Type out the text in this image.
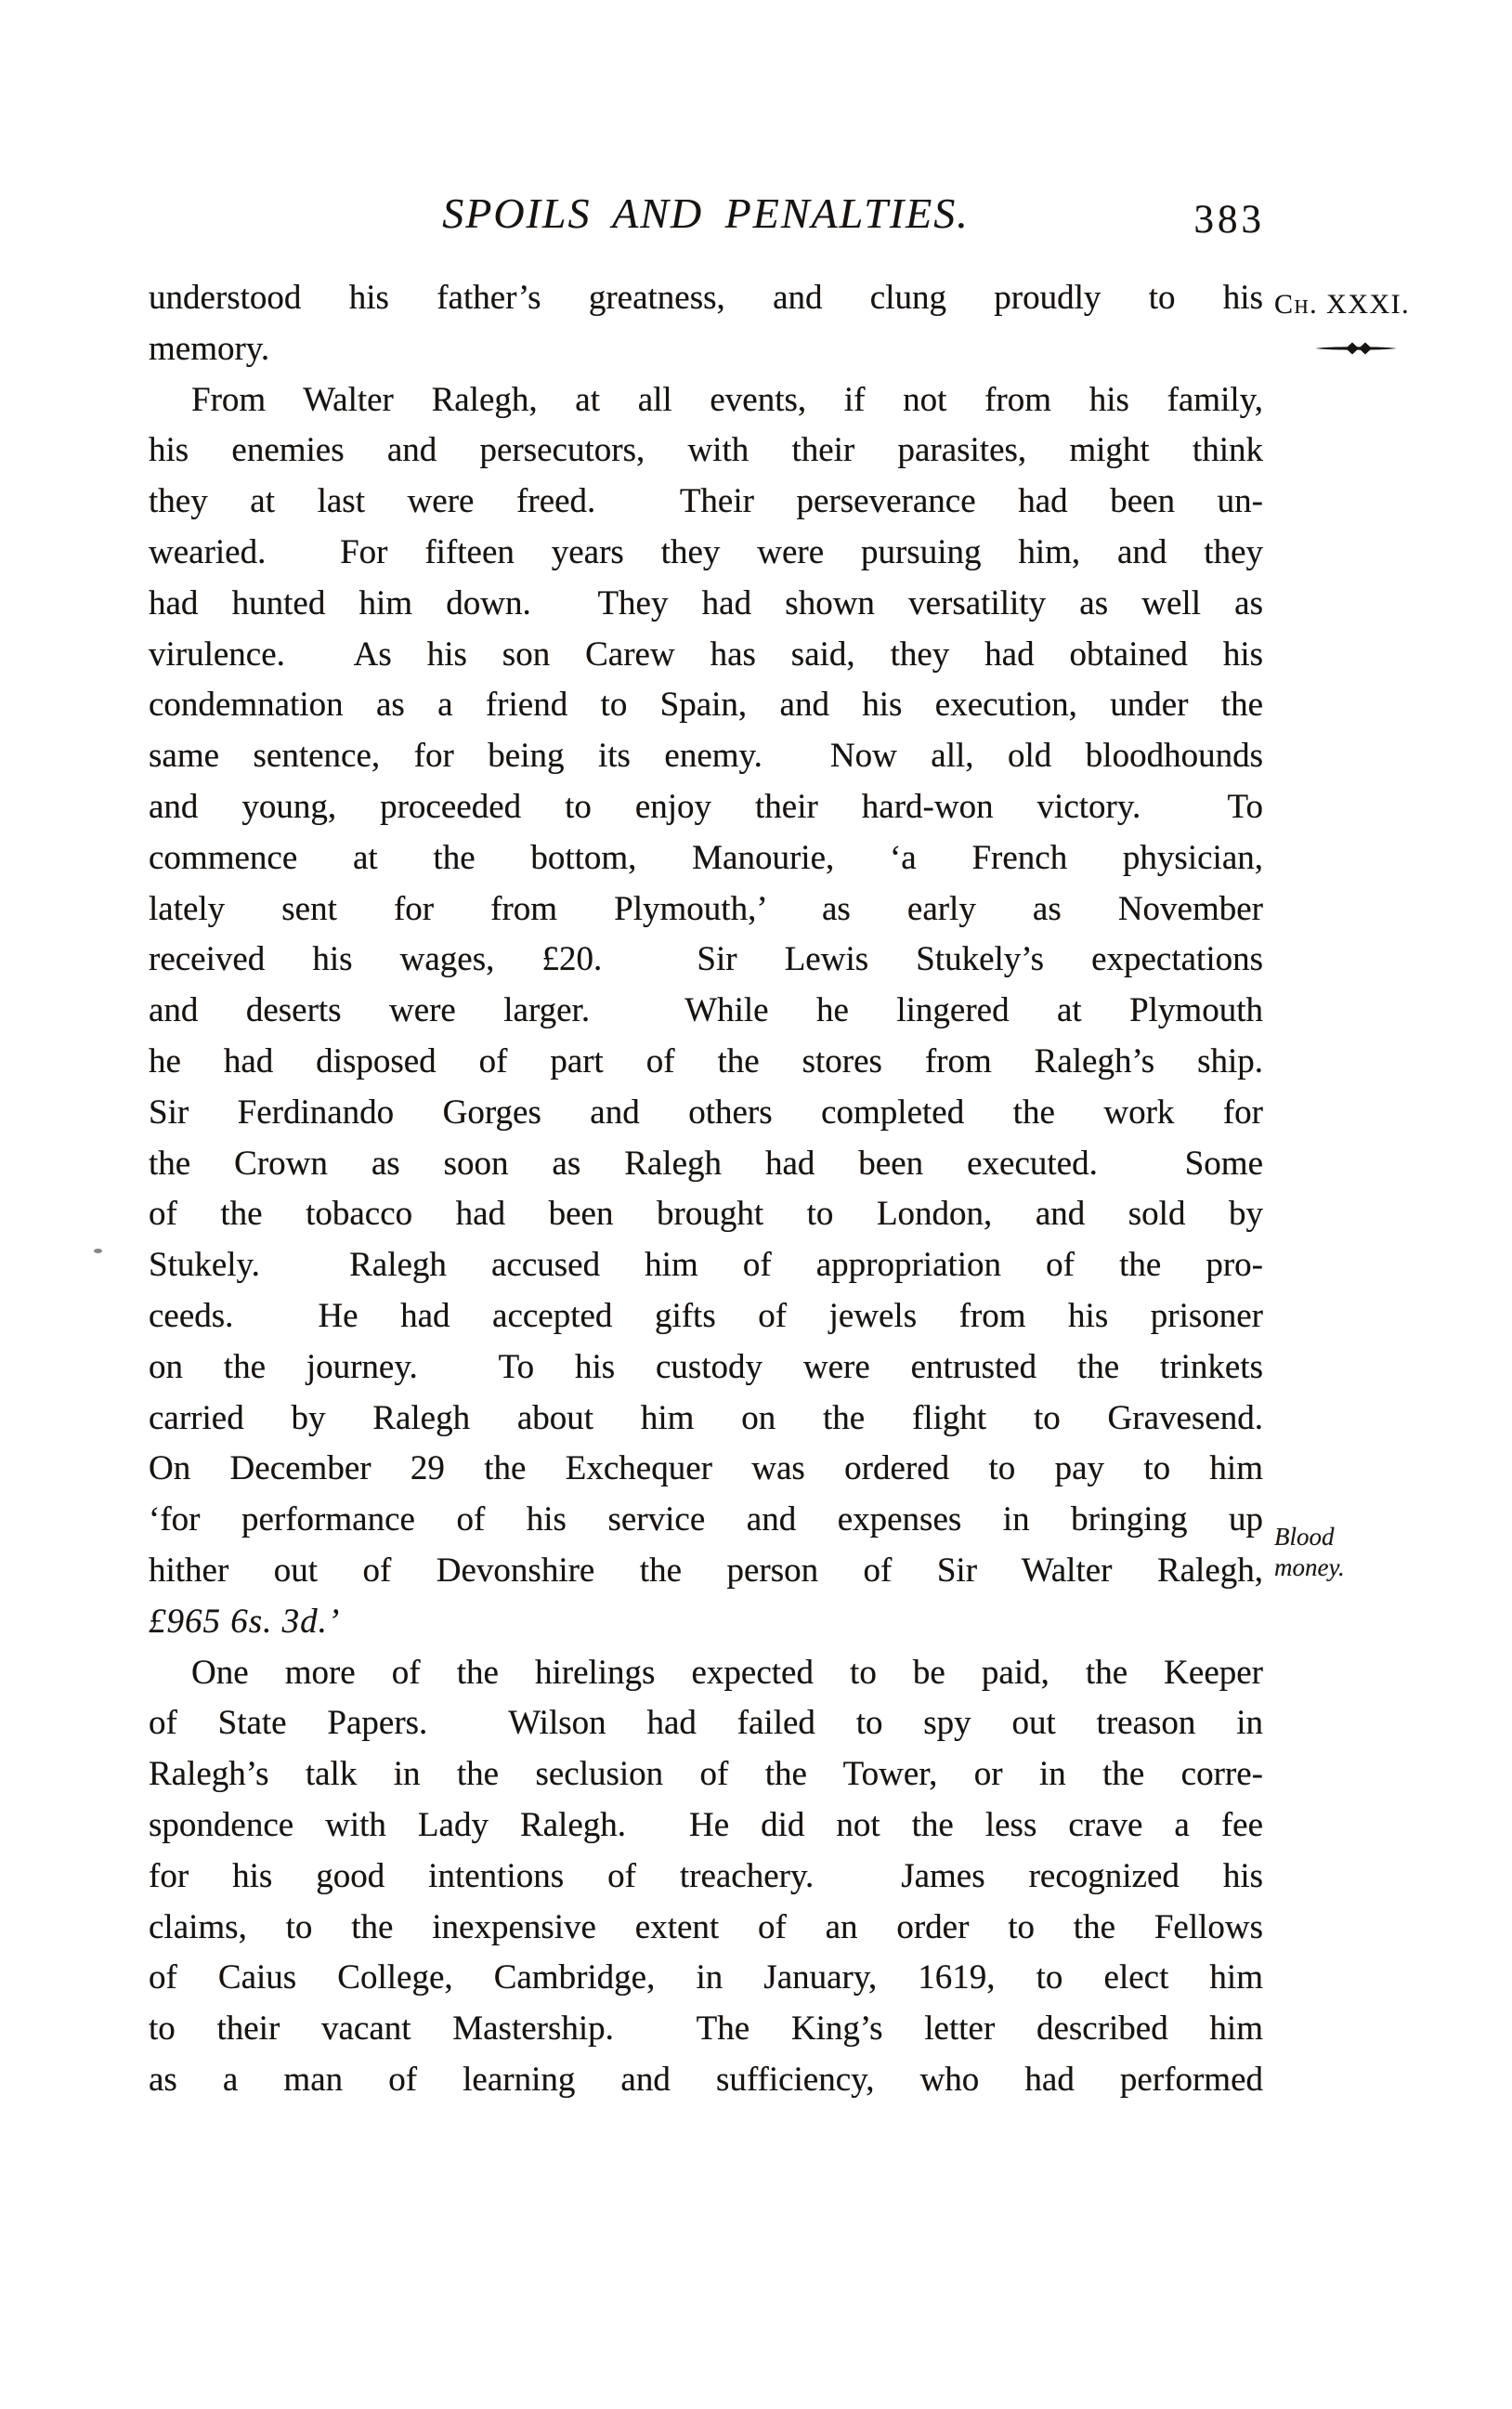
SPOILS AND PENALTIES.	383
understood his father’s greatness, and clung proudly to his
memory.
From Walter Ralegh, at all events, if not from his family,
his enemies and persecutors, with their parasites, might think
they at last were freed.  Their perseverance had been un-
wearied.  For fifteen years they were pursuing him, and they
had hunted him down.  They had shown versatility as well as
virulence.  As his son Carew has said, they had obtained his
condemnation as a friend to Spain, and his execution, under the
same sentence, for being its enemy.  Now all, old bloodhounds
and young, proceeded to enjoy their hard-won victory.  To
commence at the bottom, Manourie, ‘a French physician,
lately sent for from Plymouth,’ as early as November
received his wages, £20.  Sir Lewis Stukely’s expectations
and deserts were larger.  While he lingered at Plymouth
he had disposed of part of the stores from Ralegh’s ship.
Sir Ferdinando Gorges and others completed the work for
the Crown as soon as Ralegh had been executed.  Some
of the tobacco had been brought to London, and sold by
Stukely.  Ralegh accused him of appropriation of the pro-
ceeds.  He had accepted gifts of jewels from his prisoner
on the journey.  To his custody were entrusted the trinkets
carried by Ralegh about him on the flight to Gravesend.
On December 29 the Exchequer was ordered to pay to him
‘for performance of his service and expenses in bringing up
hither out of Devonshire the person of Sir Walter Ralegh,
£965 6s. 3d.’
One more of the hirelings expected to be paid, the Keeper
of State Papers.  Wilson had failed to spy out treason in
Ralegh’s talk in the seclusion of the Tower, or in the corre-
spondence with Lady Ralegh.  He did not the less crave a fee
for his good intentions of treachery.  James recognized his
claims, to the inexpensive extent of an order to the Fellows
of Caius College, Cambridge, in January, 1619, to elect him
to their vacant Mastership.  The King’s letter described him
as a man of learning and sufficiency, who had performed
Ch. XXXI.
Blood
money.
